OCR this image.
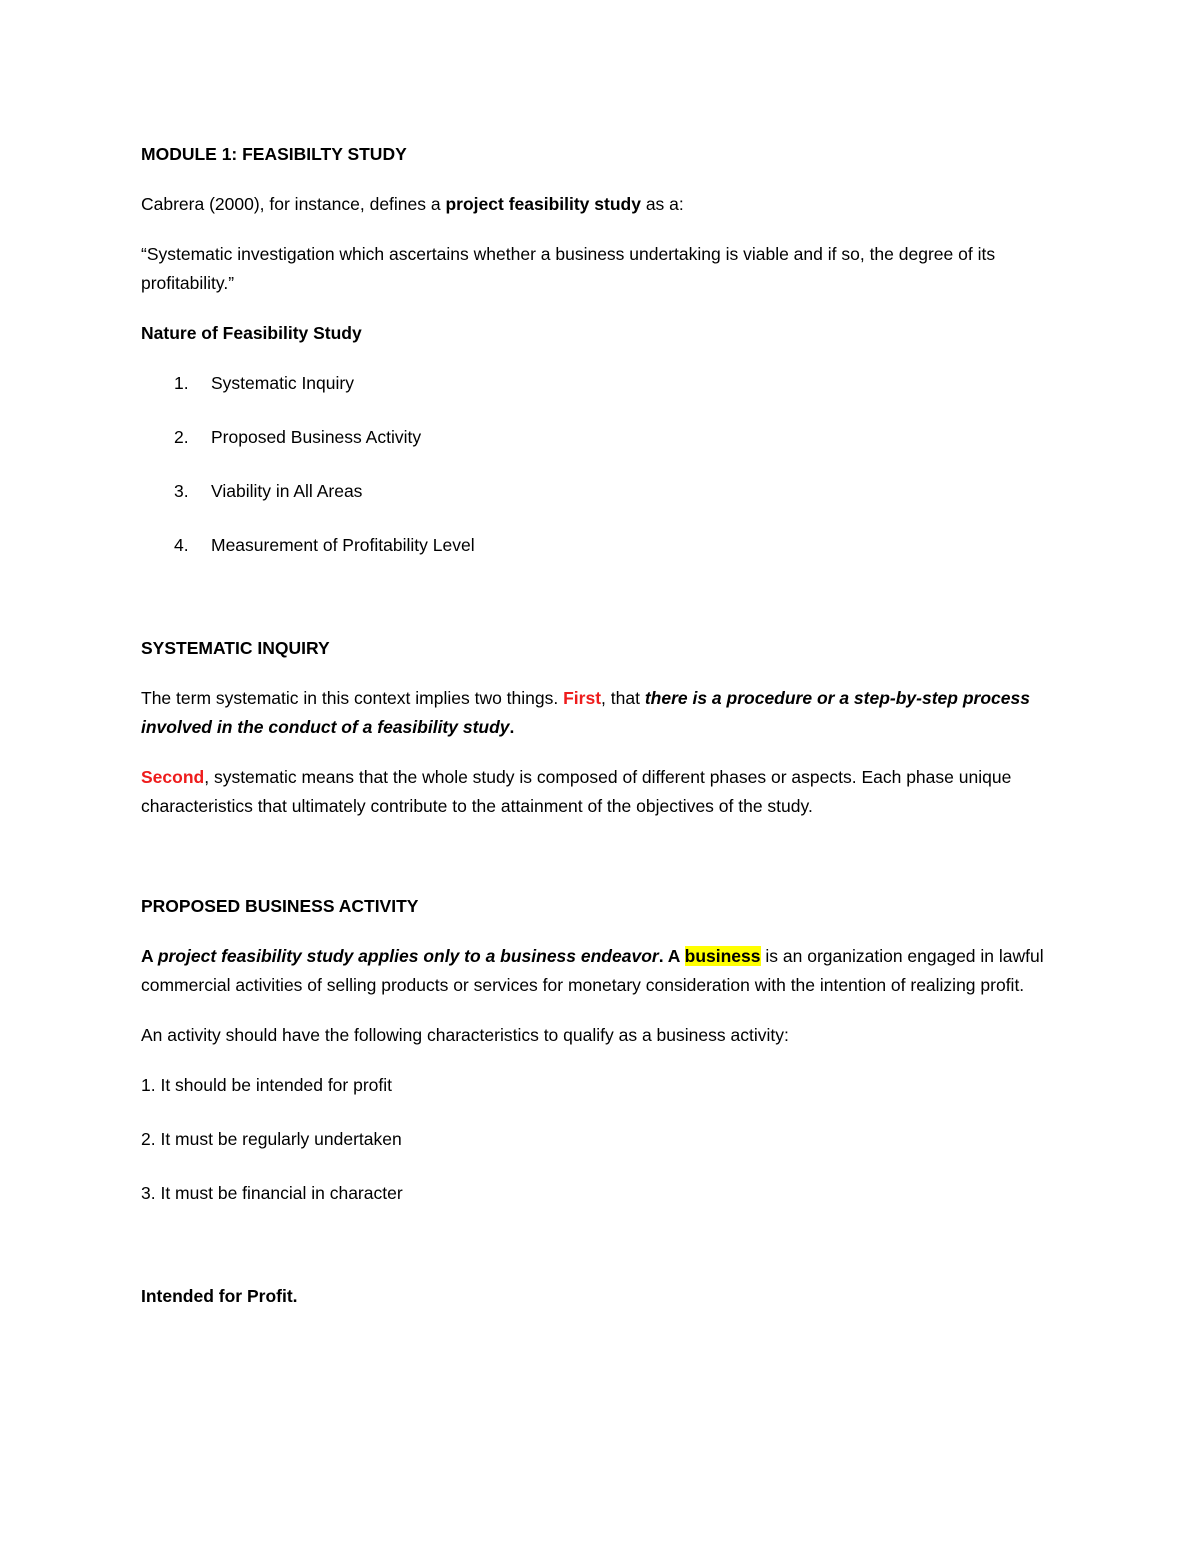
MODULE 1: FEASIBILTY STUDY

Cabrera (2000), for instance, defines a project feasibility study as a:

“Systematic investigation which ascertains whether a business undertaking is viable and if so, the degree of its profitability.”

Nature of Feasibility Study

1. Systematic Inquiry
2. Proposed Business Activity
3. Viability in All Areas
4. Measurement of Profitability Level

SYSTEMATIC INQUIRY

The term systematic in this context implies two things. First, that there is a procedure or a step-by-step process involved in the conduct of a feasibility study.

Second, systematic means that the whole study is composed of different phases or aspects. Each phase unique characteristics that ultimately contribute to the attainment of the objectives of the study.

PROPOSED BUSINESS ACTIVITY

A project feasibility study applies only to a business endeavor. A business is an organization engaged in lawful commercial activities of selling products or services for monetary consideration with the intention of realizing profit.

An activity should have the following characteristics to qualify as a business activity:

1. It should be intended for profit

2. It must be regularly undertaken

3. It must be financial in character

Intended for Profit.
